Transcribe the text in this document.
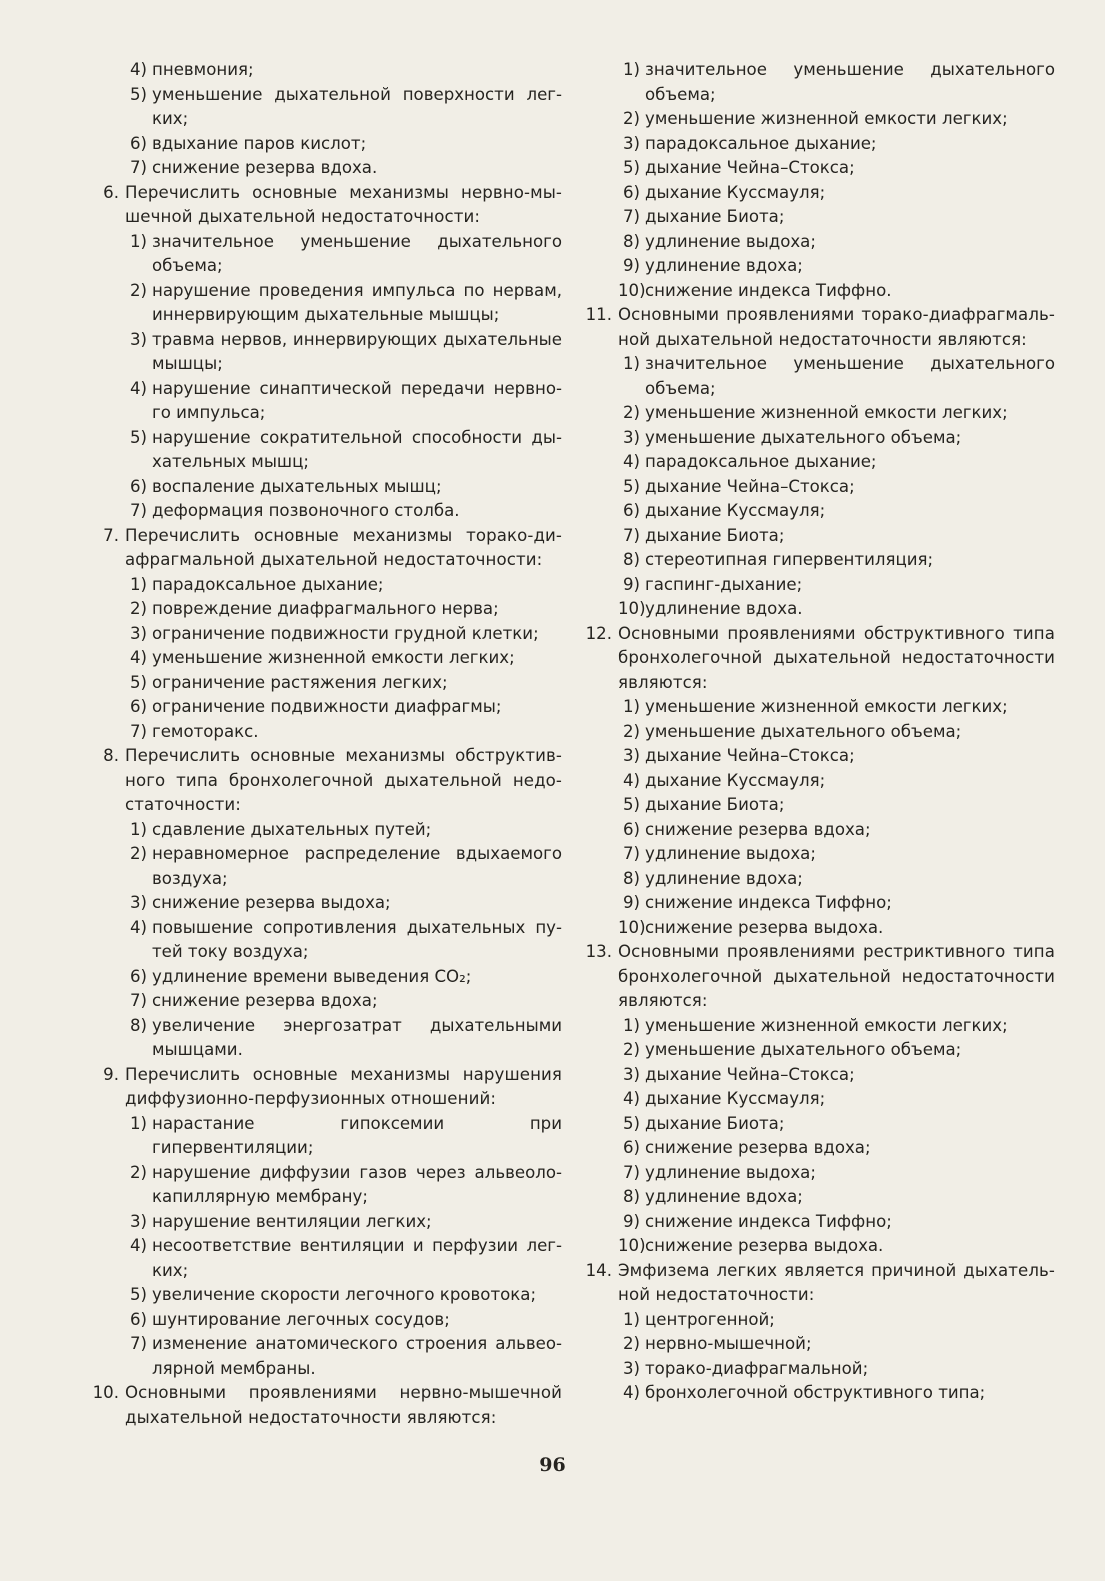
4) пневмония;
5) уменьшение дыхательной поверхности лег-ких;
6) вдыхание паров кислот;
7) снижение резерва вдоха.
6. Перечислить основные механизмы нервно-мы-шечной дыхательной недостаточности:
1) значительное уменьшение дыхательного объема;
2) нарушение проведения импульса по нервам, иннервирующим дыхательные мышцы;
3) травма нервов, иннервирующих дыхательные мышцы;
4) нарушение синаптической передачи нервно-го импульса;
5) нарушение сократительной способности ды-хательных мышц;
6) воспаление дыхательных мышц;
7) деформация позвоночного столба.
7. Перечислить основные механизмы торако-ди-афрагмальной дыхательной недостаточности:
1) парадоксальное дыхание;
2) повреждение диафрагмального нерва;
3) ограничение подвижности грудной клетки;
4) уменьшение жизненной емкости легких;
5) ограничение растяжения легких;
6) ограничение подвижности диафрагмы;
7) гемоторакс.
8. Перечислить основные механизмы обструктив-ного типа бронхолегочной дыхательной недо-статочности:
1) сдавление дыхательных путей;
2) неравномерное распределение вдыхаемого воздуха;
3) снижение резерва выдоха;
4) повышение сопротивления дыхательных пу-тей току воздуха;
6) удлинение времени выведения CO₂;
7) снижение резерва вдоха;
8) увеличение энергозатрат дыхательными мышцами.
9. Перечислить основные механизмы нарушения диффузионно-перфузионных отношений:
1) нарастание гипоксемии при гипервентиляции;
2) нарушение диффузии газов через альвеоло-капиллярную мембрану;
3) нарушение вентиляции легких;
4) несоответствие вентиляции и перфузии лег-ких;
5) увеличение скорости легочного кровотока;
6) шунтирование легочных сосудов;
7) изменение анатомического строения альвео-лярной мембраны.
10. Основными проявлениями нервно-мышечной дыхательной недостаточности являются:
1) значительное уменьшение дыхательного объема;
2) уменьшение жизненной емкости легких;
3) парадоксальное дыхание;
5) дыхание Чейна–Стокса;
6) дыхание Куссмауля;
7) дыхание Биота;
8) удлинение выдоха;
9) удлинение вдоха;
10) снижение индекса Тиффно.
11. Основными проявлениями торако-диафрагмаль-ной дыхательной недостаточности являются:
1) значительное уменьшение дыхательного объема;
2) уменьшение жизненной емкости легких;
3) уменьшение дыхательного объема;
4) парадоксальное дыхание;
5) дыхание Чейна–Стокса;
6) дыхание Куссмауля;
7) дыхание Биота;
8) стереотипная гипервентиляция;
9) гаспинг-дыхание;
10) удлинение вдоха.
12. Основными проявлениями обструктивного типа бронхолегочной дыхательной недостаточности являются:
1) уменьшение жизненной емкости легких;
2) уменьшение дыхательного объема;
3) дыхание Чейна–Стокса;
4) дыхание Куссмауля;
5) дыхание Биота;
6) снижение резерва вдоха;
7) удлинение выдоха;
8) удлинение вдоха;
9) снижение индекса Тиффно;
10) снижение резерва выдоха.
13. Основными проявлениями рестриктивного типа бронхолегочной дыхательной недостаточности являются:
1) уменьшение жизненной емкости легких;
2) уменьшение дыхательного объема;
3) дыхание Чейна–Стокса;
4) дыхание Куссмауля;
5) дыхание Биота;
6) снижение резерва вдоха;
7) удлинение выдоха;
8) удлинение вдоха;
9) снижение индекса Тиффно;
10) снижение резерва выдоха.
14. Эмфизема легких является причиной дыхатель-ной недостаточности:
1) центрогенной;
2) нервно-мышечной;
3) торако-диафрагмальной;
4) бронхолегочной обструктивного типа;
96
